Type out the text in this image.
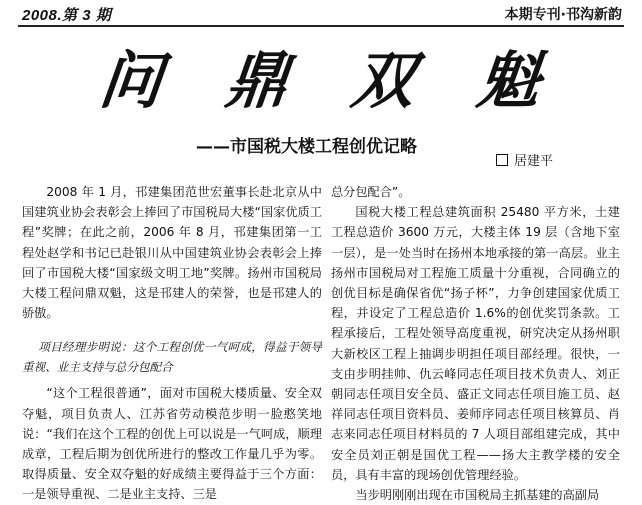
2008.第 3 期	本期专刊·邗沟新韵
问 鼎 双 魁
——市国税大楼工程创优记略
居建平

2008 年 1 月，邗建集团范世宏董事长赴北京从中国建筑业协会表彰会上捧回了市国税局大楼“国家优质工程”奖牌；在此之前，2006 年 8 月，邗建集团第一工程处赵学和书记已赴银川从中国建筑业协会表彰会上捧回了市国税大楼“国家级文明工地”奖牌。扬州市国税局大楼工程问鼎双魁，这是邗建人的荣誉，也是邗建人的骄傲。

项目经理步明说：这个工程创优一气呵成，得益于领导重视、业主支持与总分包配合

“这个工程很普通”，面对市国税大楼质量、安全双夺魁，项目负责人、江苏省劳动模范步明一脸憨笑地说：“我们在这个工程的创优上可以说是一气呵成，顺理成章，工程后期为创优所进行的整改工作量几乎为零。取得质量、安全双夺魁的好成绩主要得益于三个方面：一是领导重视、二是业主支持、三是

总分包配合”。

国税大楼工程总建筑面积 25480 平方米，土建工程总造价 3600 万元，大楼主体 19 层（含地下室一层），是一处当时在扬州本地承接的第一高层。业主扬州市国税局对工程施工质量十分重视，合同确立的创优目标是确保省优“扬子杯”，力争创建国家优质工程，并设定了工程总造价 1.6%的创优奖罚条款。工程承接后，工程处领导高度重视，研究决定从扬州职大新校区工程上抽调步明担任项目部经理。很快，一支由步明挂帅、仇云峰同志任项目技术负责人、刘正朝同志任项目安全员、盛正文同志任项目施工员、赵祥同志任项目资料员、姜师序同志任项目核算员、肖志来同志任项目材料员的 7 人项目部组建完成，其中安全员刘正朝是国优工程——扬大主教学楼的安全员，具有丰富的现场创优管理经验。

当步明刚刚出现在市国税局主抓基建的高副局
